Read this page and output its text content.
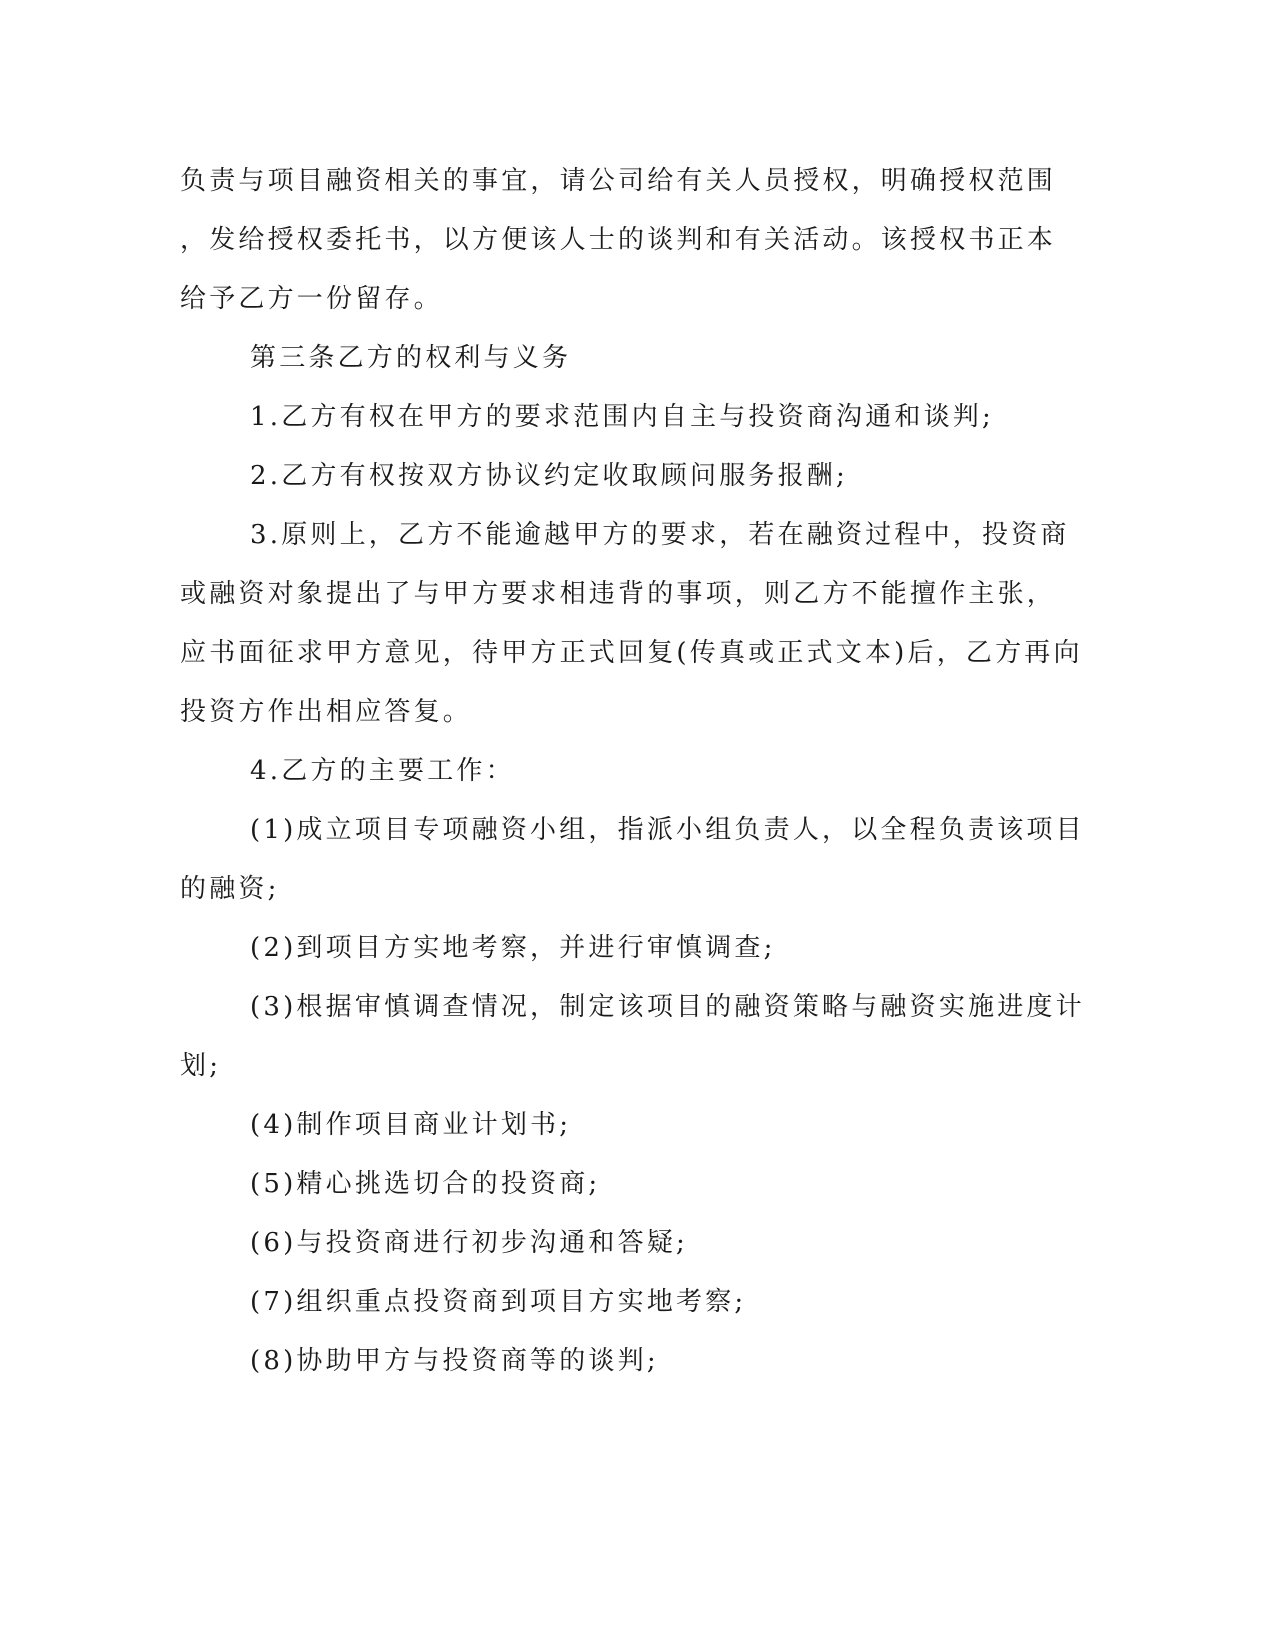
负责与项目融资相关的事宜，请公司给有关人员授权，明确授权范围
，发给授权委托书，以方便该人士的谈判和有关活动。该授权书正本
给予乙方一份留存。
第三条乙方的权利与义务
1.乙方有权在甲方的要求范围内自主与投资商沟通和谈判;
2.乙方有权按双方协议约定收取顾问服务报酬;
3.原则上，乙方不能逾越甲方的要求，若在融资过程中，投资商
或融资对象提出了与甲方要求相违背的事项，则乙方不能擅作主张，
应书面征求甲方意见，待甲方正式回复(传真或正式文本)后，乙方再向
投资方作出相应答复。
4.乙方的主要工作：
(1)成立项目专项融资小组，指派小组负责人，以全程负责该项目
的融资;
(2)到项目方实地考察，并进行审慎调查;
(3)根据审慎调查情况，制定该项目的融资策略与融资实施进度计
划;
(4)制作项目商业计划书;
(5)精心挑选切合的投资商;
(6)与投资商进行初步沟通和答疑;
(7)组织重点投资商到项目方实地考察;
(8)协助甲方与投资商等的谈判;
